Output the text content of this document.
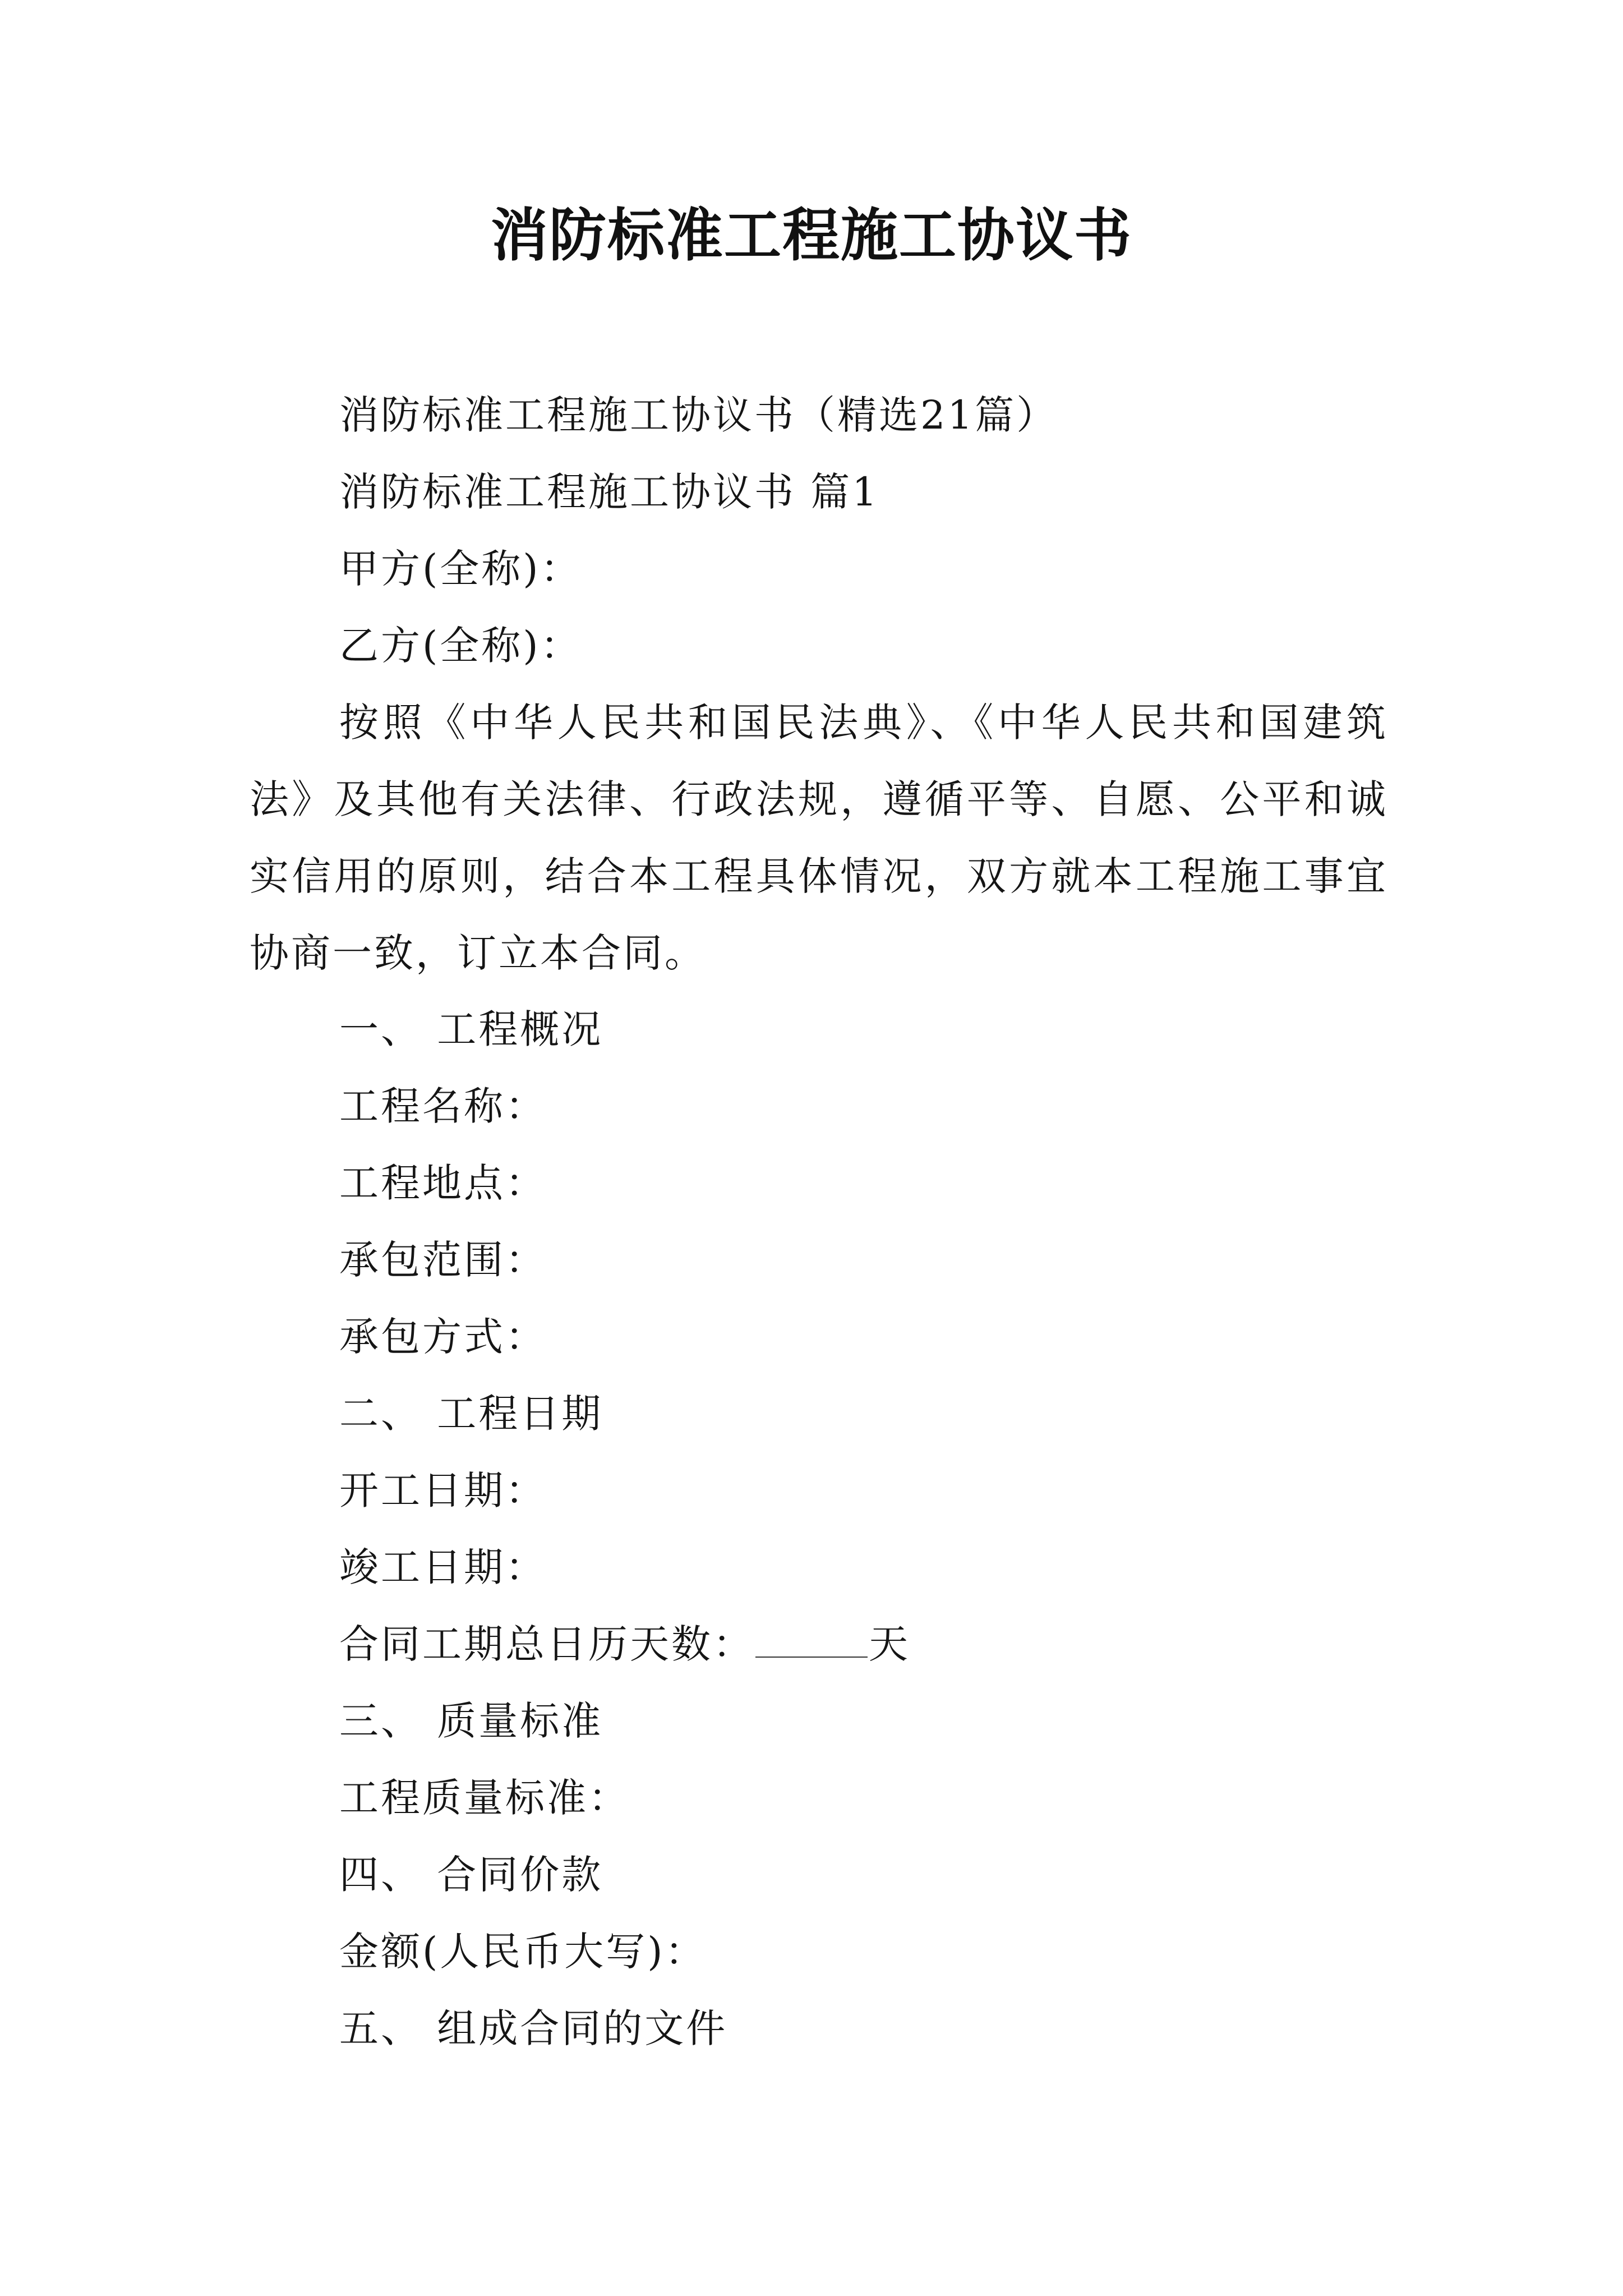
消防标准工程施工协议书
消防标准工程施工协议书（精选21篇）
消防标准工程施工协议书 篇1
甲方(全称)：
乙方(全称)：
按照《中华人民共和国民法典》、《中华人民共和国建筑法》及其他有关法律、行政法规，遵循平等、自愿、公平和诚实信用的原则，结合本工程具体情况，双方就本工程施工事宜协商一致，订立本合同。
一、 工程概况
工程名称：
工程地点：
承包范围：
承包方式：
二、 工程日期
开工日期：
竣工日期：
合同工期总日历天数：	天
三、 质量标准
工程质量标准：
四、 合同价款
金额(人民币大写)：
五、 组成合同的文件
